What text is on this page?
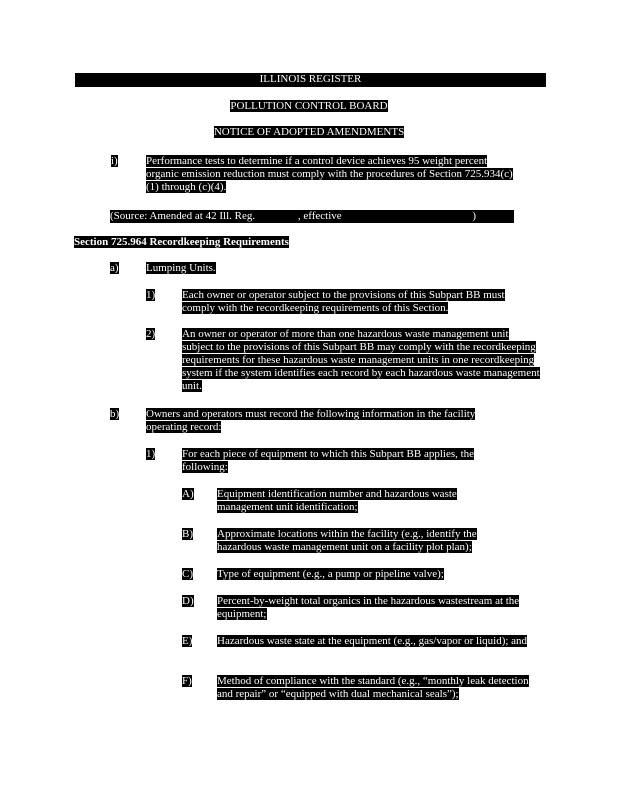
ILLINOIS REGISTER
POLLUTION CONTROL BOARD
NOTICE OF ADOPTED AMENDMENTS
i)	Performance tests to determine if a control device achieves 95 weight percent organic emission reduction must comply with the procedures of Section 725.934(c)(1) through (c)(4).
(Source: Amended at 42 Ill. Reg.	, effective	)
Section 725.964 Recordkeeping Requirements
a) Lumping Units.
1) Each owner or operator subject to the provisions of this Subpart BB must comply with the recordkeeping requirements of this Section.
2) An owner or operator of more than one hazardous waste management unit subject to the provisions of this Subpart BB may comply with the recordkeeping requirements for these hazardous waste management units in one recordkeeping system if the system identifies each record by each hazardous waste management unit.
b) Owners and operators must record the following information in the facility operating record:
1) For each piece of equipment to which this Subpart BB applies, the following:
A) Equipment identification number and hazardous waste management unit identification;
B) Approximate locations within the facility (e.g., identify the hazardous waste management unit on a facility plot plan);
C) Type of equipment (e.g., a pump or pipeline valve);
D) Percent-by-weight total organics in the hazardous wastestream at the equipment;
E) Hazardous waste state at the equipment (e.g., gas/vapor or liquid); and
F) Method of compliance with the standard (e.g., “monthly leak detection and repair” or “equipped with dual mechanical seals”);
